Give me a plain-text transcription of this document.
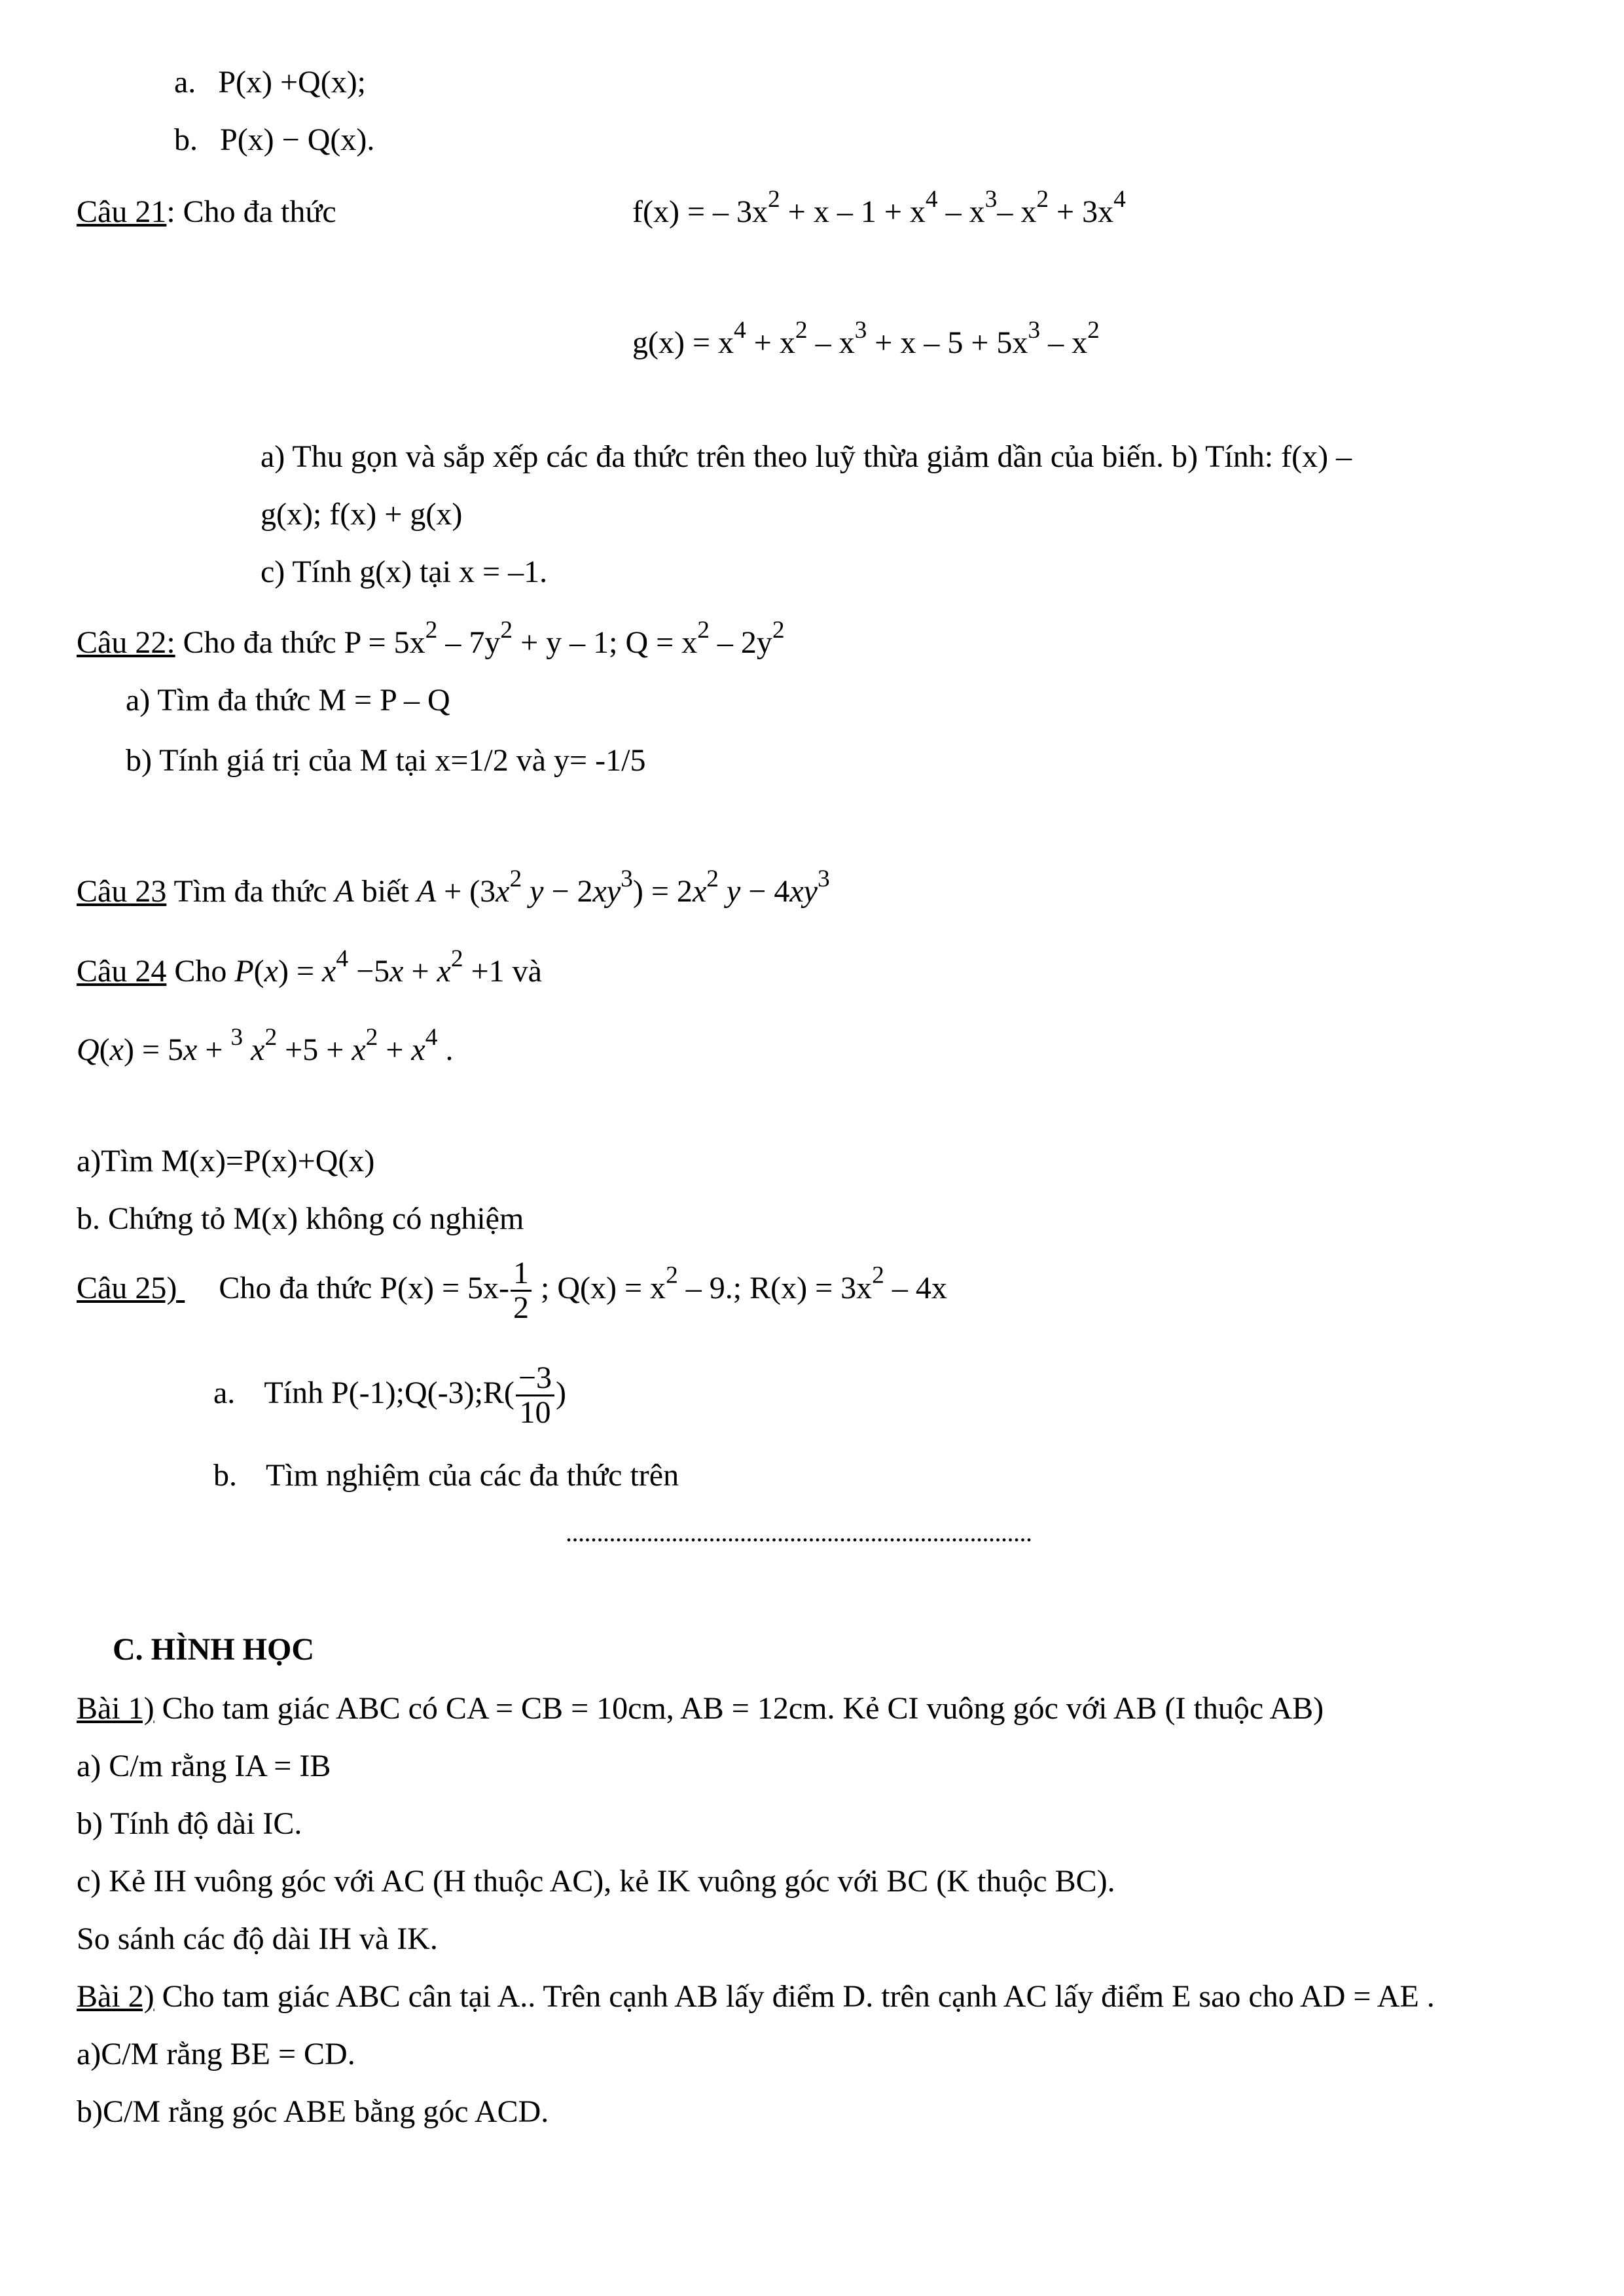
a. P(x) +Q(x);
b. P(x) − Q(x).
Câu 21: Cho đa thức	f(x) = – $3x^2 + x - 1 + x^4 - x^3-$ $x^2 + 3x^4$
$g(x) = x^4 + x^2 - x^3 + x - 5 + 5x^3 - x^2$
a) Thu gọn và sắp xếp các đa thức trên theo luỹ thừa giảm dần của biến. b) Tính: f(x) –
g(x); f(x) + g(x)
c) Tính g(x) tại x = –1.
Câu 22: Cho đa thức $P = 5x^2 - 7y^2 + y - 1$; $Q = x^2 - 2y^2$
a) Tìm đa thức M = P – Q
b) Tính giá trị của M tại x=1/2 và y= -1/5
Câu 23 Tìm đa thức A biết $A + (3x^2$ $y - 2xy^3) = 2x^2$ $y - 4xy^3$
Câu 24 Cho $P(x) = x^4 -5x + x^2 +1$ và
Q(x) = 5x + $^3$ $x^2 +5 + x^2 + x^4$ .
a)Tìm M(x)=P(x)+Q(x)
b. Chứng tỏ M(x) không có nghiệm
Câu 25) Cho đa thức $P(x) = 5x- \frac{1}{2}$ ; $Q(x) = x^2 - 9$.; $R(x) = 3x^2 - 4x$
a. Tính P(-1);Q(-3);R( $\frac{-3}{10}$ )
b. Tìm nghiệm của các đa thức trên
...........................................................................
C. HÌNH HỌC
Bài 1) Cho tam giác ABC có CA = CB = 10cm, AB = 12cm. Kẻ CI vuông góc với AB (I thuộc AB)
a) C/m rằng IA = IB
b) Tính độ dài IC.
c) Kẻ IH vuông góc với AC (H thuộc AC), kẻ IK vuông góc với BC (K thuộc BC).
So sánh các độ dài IH và IK.
Bài 2) Cho tam giác ABC cân tại A.. Trên cạnh AB lấy điểm D. trên cạnh AC lấy điểm E sao cho AD = AE .
a)C/M rằng BE = CD.
b)C/M rằng góc ABE bằng góc ACD.
